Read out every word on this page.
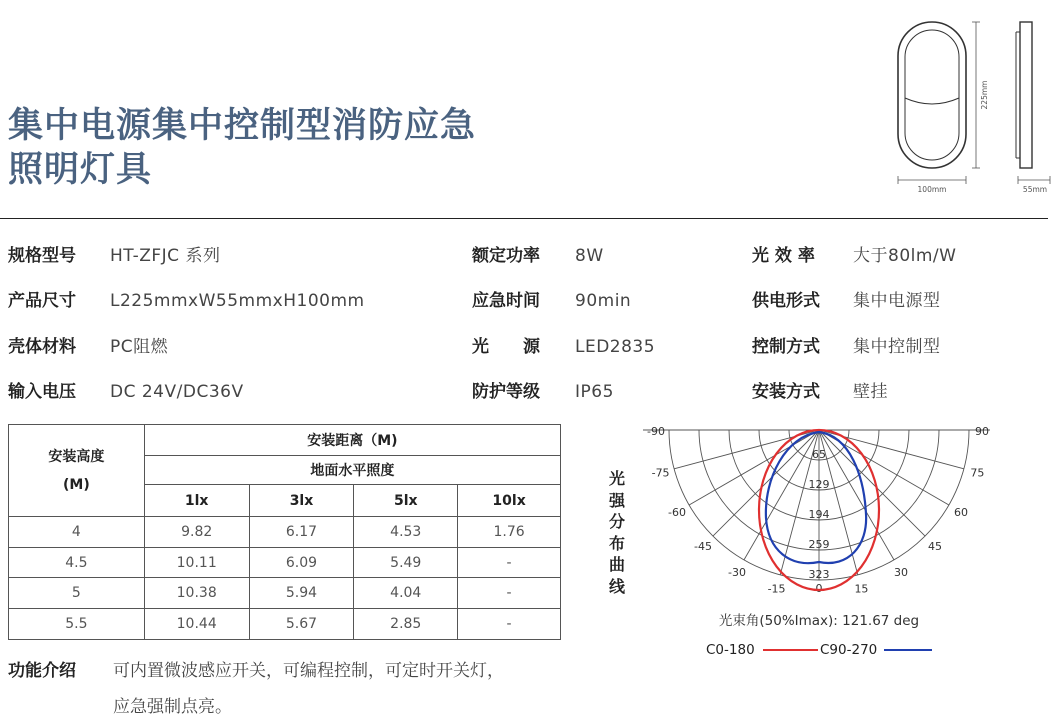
集中电源集中控制型消防应急
照明灯具
225mm
100mm	55mm
规格型号 HT-ZFJC 系列	额定功率 8W	光 效 率 大于80lm/W
产品尺寸 L225mmxW55mmxH100mm	应急时间 90min	供电形式 集中电源型
壳体材料 PC阻燃	光　　源 LED2835	控制方式 集中控制型
输入电压 DC 24V/DC36V	防护等级 IP65	安装方式 壁挂
安装高度(M)	安装距离（M)			
	地面水平照度			
	1lx	3lx	5lx	10lx
4	9.82	6.17	4.53	1.76
4.5	10.11	6.09	5.49	-
5	10.38	5.94	4.04	-
5.5	10.44	5.67	2.85	-
光
强
分
布
曲
线
-90
-75
-60
-45
-30
-15	0	15
30
45
60
75
90
65
129
194
259
323
光束角(50%Imax): 121.67 deg
C0-180	C90-270
功能介绍 可内置微波感应开关，可编程控制，可定时开关灯，
应急强制点亮。
